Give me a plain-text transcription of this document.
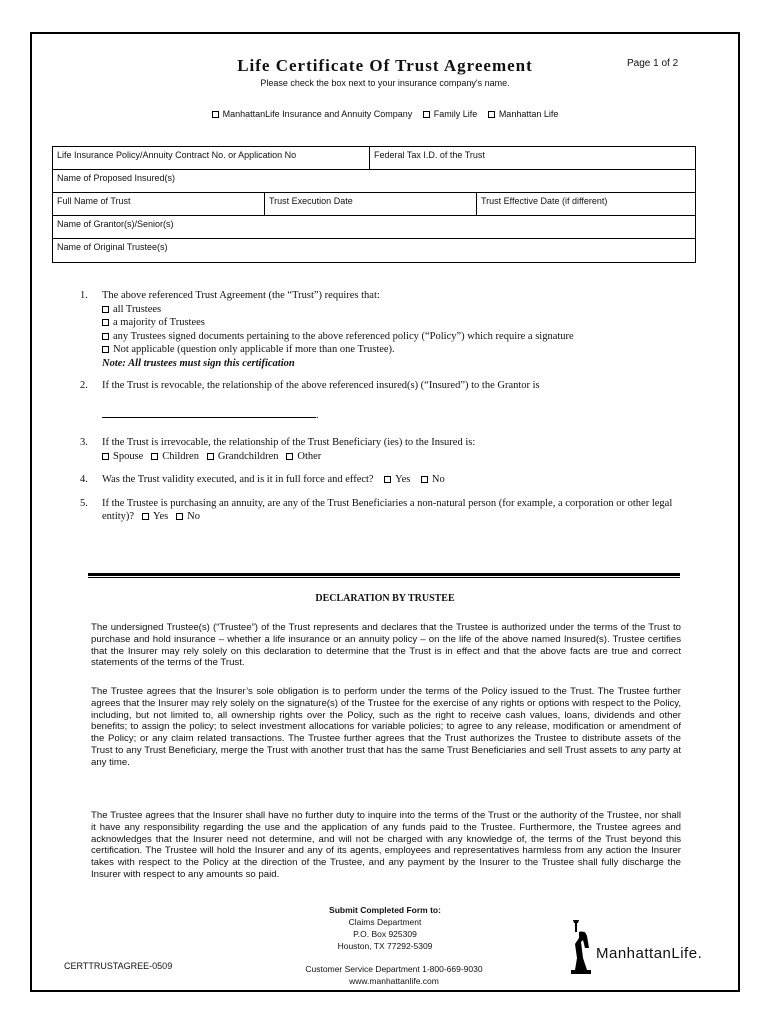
Life Certificate Of Trust Agreement	Page 1 of 2
Please check the box next to your insurance company's name.
ManhattanLife Insurance and Annuity Company Family Life Manhattan Life
Life Insurance Policy/Annuity Contract No. or Application No	Federal Tax I.D. of the Trust
Name of Proposed Insured(s)
Full Name of Trust	Trust Execution Date	Trust Effective Date (if different)
Name of Grantor(s)/Senior(s)
Name of Original Trustee(s)
1.	The above referenced Trust Agreement (the “Trust”) requires that:
all Trustees
a majority of Trustees
any Trustees signed documents pertaining to the above referenced policy (“Policy”) which require a signature
Not applicable (question only applicable if more than one Trustee).
Note: All trustees must sign this certification
2.	If the Trust is revocable, the relationship of the above referenced insured(s) (“Insured”) to the Grantor is
.
3.	If the Trust is irrevocable, the relationship of the Trust Beneficiary (ies) to the Insured is:
Spouse Children Grandchildren Other
4.	Was the Trust validity executed, and is it in full force and effect? Yes No
5.	If the Trustee is purchasing an annuity, are any of the Trust Beneficiaries a non-natural person (for example, a corporation or other legal entity)? Yes No
DECLARATION BY TRUSTEE

The undersigned Trustee(s) (“Trustee”) of the Trust represents and declares that the Trustee is authorized under the terms of the Trust to purchase and hold insurance – whether a life insurance or an annuity policy – on the life of the above named Insured(s). Trustee certifies that the Insurer may rely solely on this declaration to determine that the Trust is in effect and that the above facts are true and correct statements of the terms of the Trust.

The Trustee agrees that the Insurer’s sole obligation is to perform under the terms of the Policy issued to the Trust. The Trustee further agrees that the Insurer may rely solely on the signature(s) of the Trustee for the exercise of any rights or options with respect to the Policy, including, but not limited to, all ownership rights over the Policy, such as the right to receive cash values, loans, dividends and other benefits; to assign the policy; to select investment allocations for variable policies; to agree to any release, modification or amendment of the Policy; or any claim related transactions. The Trustee further agrees that the Trust authorizes the Trustee to distribute assets of the Trust to any Trust Beneficiary, merge the Trust with another trust that has the same Trust Beneficiaries and sell Trust assets to any party at any time.

The Trustee agrees that the Insurer shall have no further duty to inquire into the terms of the Trust or the authority of the Trustee, nor shall it have any responsibility regarding the use and the application of any funds paid to the Trustee. Furthermore, the Trustee agrees and acknowledges that the Insurer need not determine, and will not be charged with any knowledge of, the terms of the Trust beyond this certification. The Trustee will hold the Insurer and any of its agents, employees and representatives harmless from any action the Insurer takes with respect to the Policy at the direction of the Trustee, and any payment by the Insurer to the Trustee shall fully discharge the Insurer with respect to any amounts so paid.

Submit Completed Form to:
Claims Department
P.O. Box 925309
Houston, TX 77292-5309
CERTTRUSTAGREE-0509	Customer Service Department 1-800-669-9030
www.manhattanlife.com
ManhattanLife.
